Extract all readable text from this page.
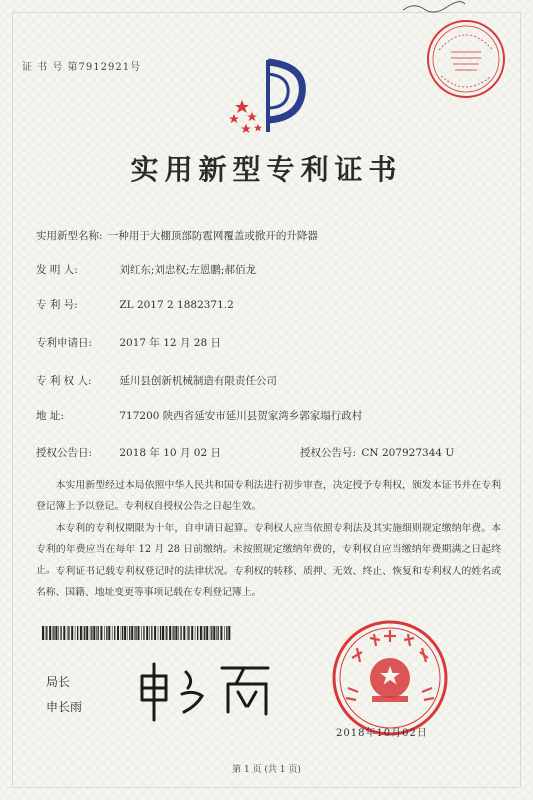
证 书 号 第7912921号
实用新型专利证书
实用新型名称: 一种用于大棚顶部防雹网覆盖或掀开的升降器
发 明 人:	刘红东;刘忠权;左恩鹏;郝佰龙
专 利 号:	ZL 2017 2 1882371.2
专利申请日:	2017 年 12 月 28 日
专 利 权 人:	延川县创新机械制造有限责任公司
地 址:	717200 陕西省延安市延川县贺家湾乡郭家塌行政村
授权公告日:	2018 年 10 月 02 日	授权公告号: CN 207927344 U
本实用新型经过本局依照中华人民共和国专利法进行初步审查，决定授予专利权，颁发本证书并在专利登记簿上予以登记。专利权自授权公告之日起生效。
本专利的专利权期限为十年，自申请日起算。专利权人应当依照专利法及其实施细则规定缴纳年费。本专利的年费应当在每年 12 月 28 日前缴纳。未按照规定缴纳年费的，专利权自应当缴纳年费期满之日起终止。 专利证书记载专利权登记时的法律状况。专利权的转移、质押、无效、终止、恢复和专利权人的姓名或名称、国籍、地址变更等事项记载在专利登记簿上。
局长
申长雨
2018年10月02日
第 1 页 (共 1 页)
